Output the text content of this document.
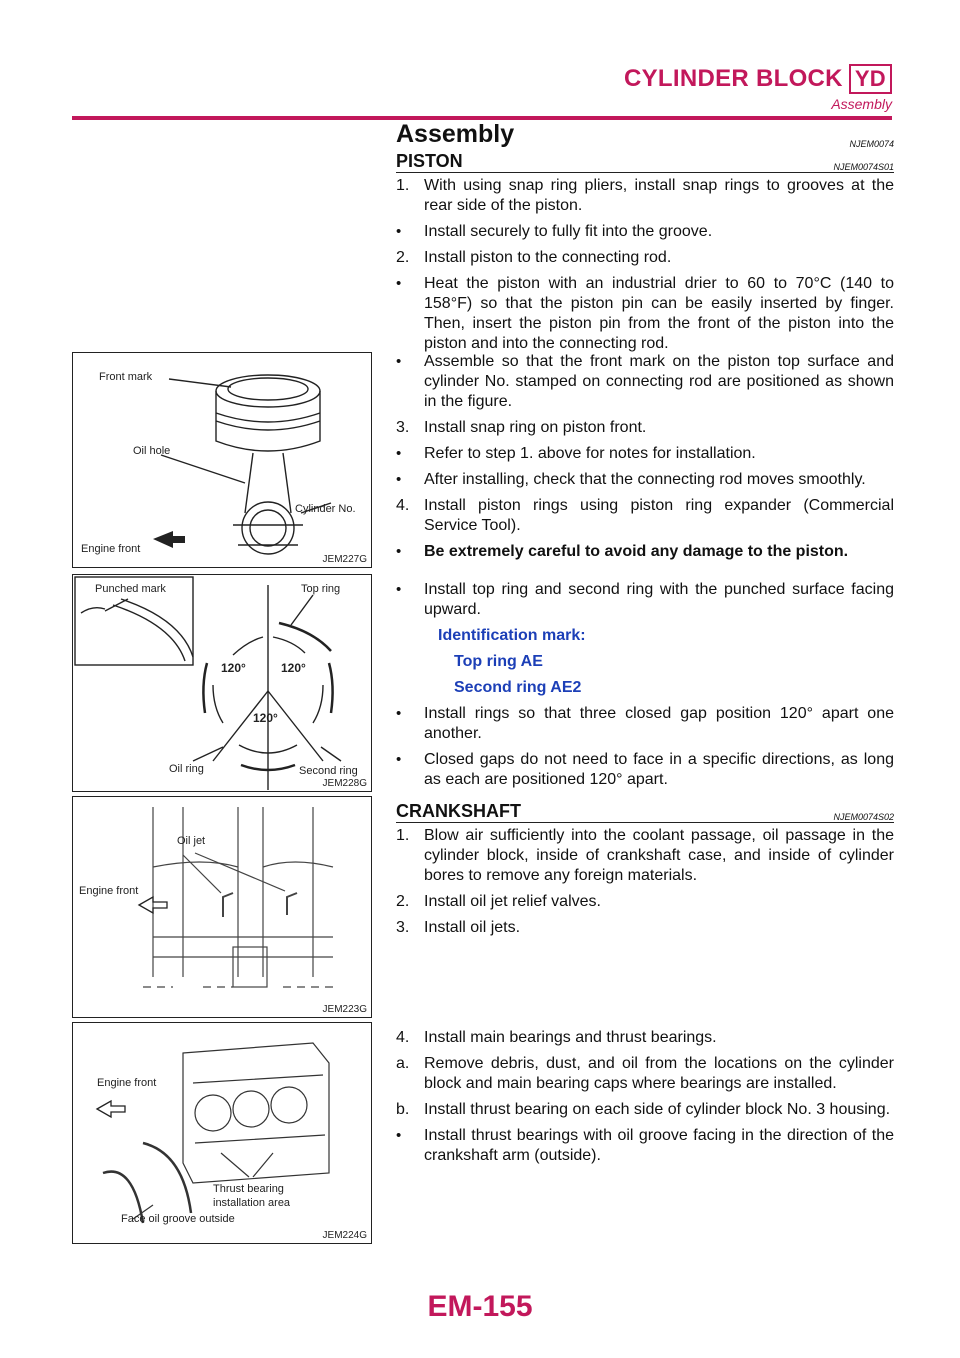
CYLINDER BLOCK YD
Assembly
Assembly	NJEM0074
PISTON	NJEM0074S01
1. With using snap ring pliers, install snap rings to grooves at the rear side of the piston.
•	Install securely to fully fit into the groove.
2. Install piston to the connecting rod.
•	Heat the piston with an industrial drier to 60 to 70°C (140 to 158°F) so that the piston pin can be easily inserted by finger. Then, insert the piston pin from the front of the piston into the piston and into the connecting rod.
•	Assemble so that the front mark on the piston top surface and cylinder No. stamped on connecting rod are positioned as shown in the figure.
3. Install snap ring on piston front.
•	Refer to step 1. above for notes for installation.
•	After installing, check that the connecting rod moves smoothly.
4. Install piston rings using piston ring expander (Commercial Service Tool).
•	Be extremely careful to avoid any damage to the piston.
•	Install top ring and second ring with the punched surface facing upward.
Identification mark:
Top ring AE
Second ring AE2
•	Install rings so that three closed gap position 120° apart one another.
•	Closed gaps do not need to face in a specific directions, as long as each are positioned 120° apart.
CRANKSHAFT	NJEM0074S02
1. Blow air sufficiently into the coolant passage, oil passage in the cylinder block, inside of crankshaft case, and inside of cylinder bores to remove any foreign materials.
2. Install oil jet relief valves.
3. Install oil jets.
4. Install main bearings and thrust bearings.
a. Remove debris, dust, and oil from the locations on the cylinder block and main bearing caps where bearings are installed.
b. Install thrust bearing on each side of cylinder block No. 3 housing.
•	Install thrust bearings with oil groove facing in the direction of the crankshaft arm (outside).
Front mark
Oil hole
Cylinder No.
Engine front
JEM227G
Punched mark	Top ring
120°	120°
120°
Oil ring	Second ring
JEM228G
Oil jet
Engine front
JEM223G
Engine front
Thrust bearing
installation area
Face oil groove outside
JEM224G
EM-155
